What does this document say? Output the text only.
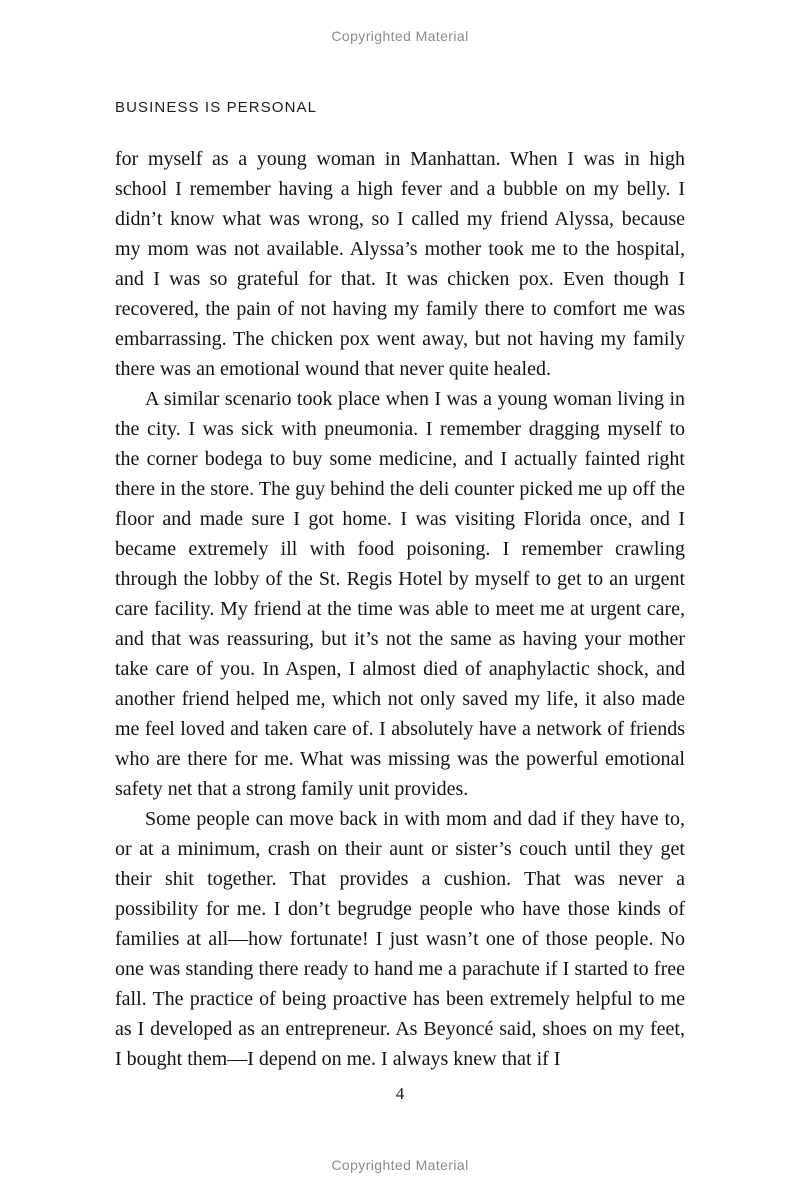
Copyrighted Material
BUSINESS IS PERSONAL

for myself as a young woman in Manhattan. When I was in high school I remember having a high fever and a bubble on my belly. I didn’t know what was wrong, so I called my friend Alyssa, because my mom was not available. Alyssa’s mother took me to the hospital, and I was so grateful for that. It was chicken pox. Even though I recovered, the pain of not having my family there to comfort me was embarrassing. The chicken pox went away, but not having my family there was an emotional wound that never quite healed.

A similar scenario took place when I was a young woman living in the city. I was sick with pneumonia. I remember dragging myself to the corner bodega to buy some medicine, and I actually fainted right there in the store. The guy behind the deli counter picked me up off the floor and made sure I got home. I was visiting Florida once, and I became extremely ill with food poisoning. I remember crawling through the lobby of the St. Regis Hotel by myself to get to an urgent care facility. My friend at the time was able to meet me at urgent care, and that was reassuring, but it’s not the same as having your mother take care of you. In Aspen, I almost died of anaphylactic shock, and another friend helped me, which not only saved my life, it also made me feel loved and taken care of. I absolutely have a network of friends who are there for me. What was missing was the powerful emotional safety net that a strong family unit provides.

Some people can move back in with mom and dad if they have to, or at a minimum, crash on their aunt or sister’s couch until they get their shit together. That provides a cushion. That was never a possibility for me. I don’t begrudge people who have those kinds of families at all—how fortunate! I just wasn’t one of those people. No one was standing there ready to hand me a parachute if I started to free fall. The practice of being proactive has been extremely helpful to me as I developed as an entrepreneur. As Beyoncé said, shoes on my feet, I bought them—I depend on me. I always knew that if I

4
Copyrighted Material
